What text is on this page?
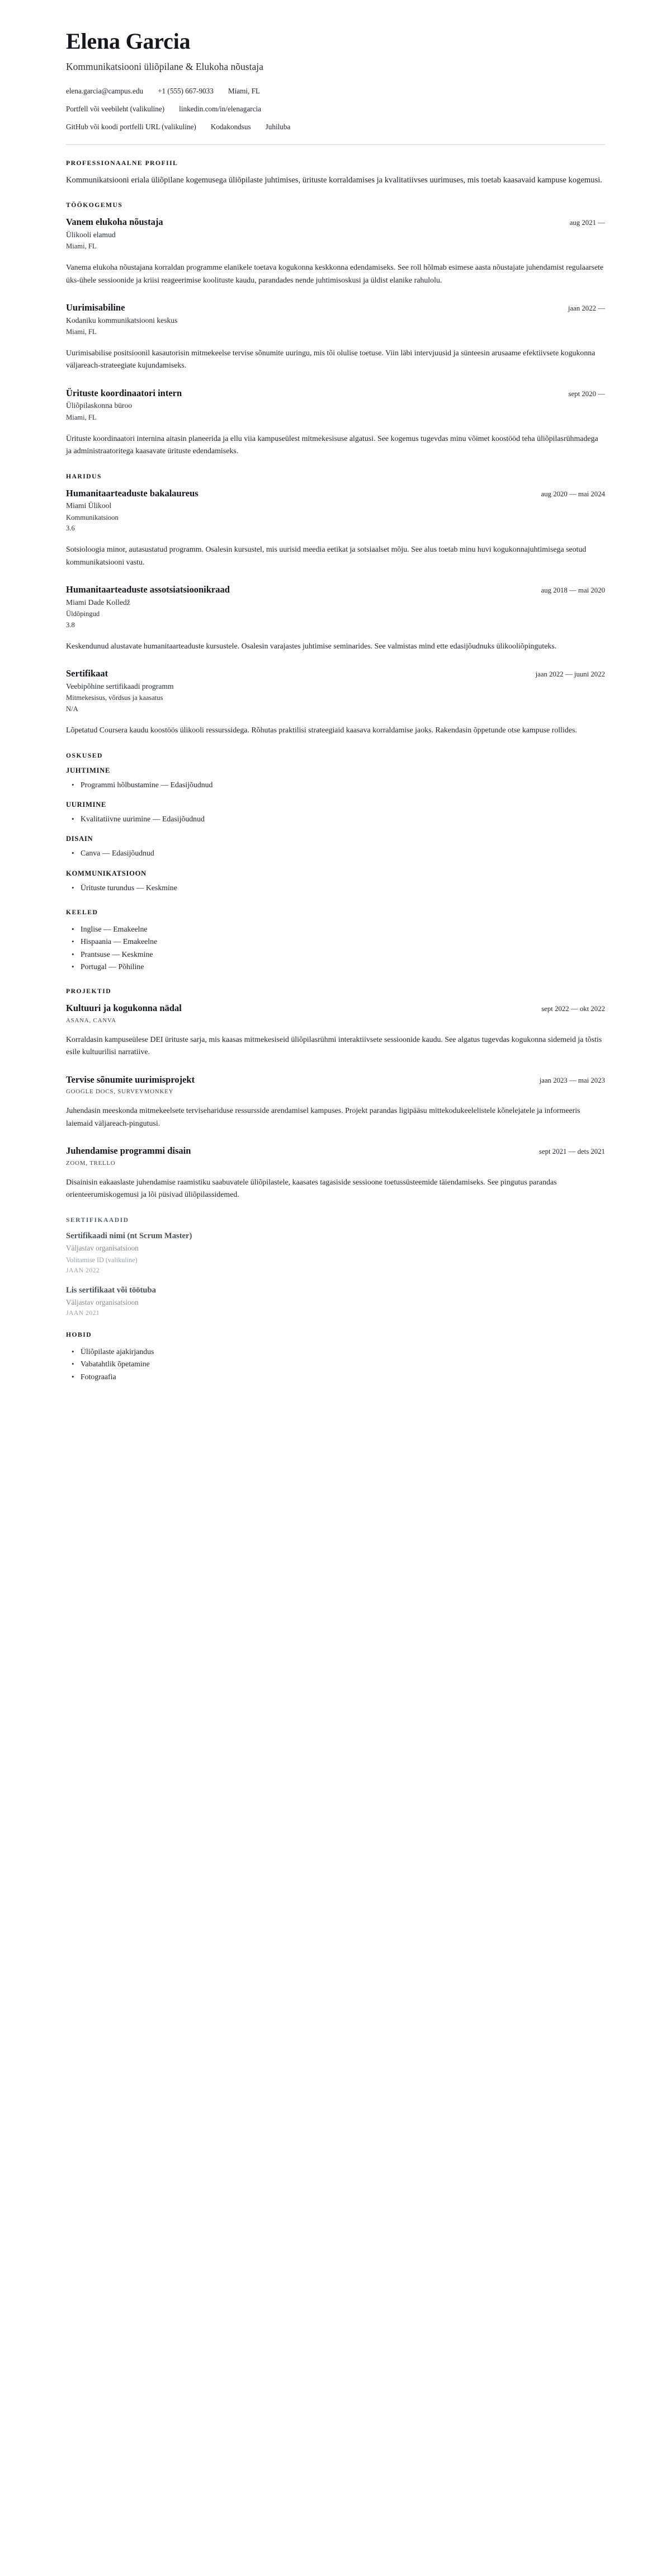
Elena Garcia
Kommunikatsiooni üliõpilane & Elukoha nõustaja
elena.garcia@campus.edu +1 (555) 667-9033 Miami, FL
Portfell või veebileht (valikuline) linkedin.com/in/elenagarcia
GitHub või koodi portfelli URL (valikuline) Kodakondsus Juhiluba
PROFESSIONAALNE PROFIIL

Kommunikatsiooni eriala üliõpilane kogemusega üliõpilaste juhtimises, ürituste korraldamises ja kvalitatiivses uurimuses, mis toetab kaasavaid kampuse kogemusi.

TÖÖKOGEMUS
Vanem elukoha nõustaja	aug 2021 —
Ülikooli elamud
Miami, FL

Vanema elukoha nõustajana korraldan programme elanikele toetava kogukonna keskkonna edendamiseks. See roll hõlmab esimese aasta nõustajate juhendamist regulaarsete üks-ühele sessioonide ja kriisi reageerimise koolituste kaudu, parandades nende juhtimisoskusi ja üldist elanike rahulolu.

Uurimisabiline	jaan 2022 —
Kodaniku kommunikatsiooni keskus
Miami, FL

Uurimisabilise positsioonil kasautorisin mitmekeelse tervise sõnumite uuringu, mis tõi olulise toetuse. Viin läbi intervjuusid ja sünteesin arusaame efektiivsete kogukonna väljareach-strateegiate kujundamiseks.

Ürituste koordinaatori intern	sept 2020 —
Üliõpilaskonna büroo
Miami, FL

Ürituste koordinaatori internina aitasin planeerida ja ellu viia kampuseülest mitmekesisuse algatusi. See kogemus tugevdas minu võimet koostööd teha üliõpilasrühmadega ja administraatoritega kaasavate ürituste edendamiseks.

HARIDUS
Humanitaarteaduste bakalaureus	aug 2020 — mai 2024
Miami Ülikool
Kommunikatsioon
3.6

Sotsioloogia minor, autasustatud programm. Osalesin kursustel, mis uurisid meedia eetikat ja sotsiaalset mõju. See alus toetab minu huvi kogukonnajuhtimisega seotud kommunikatsiooni vastu.

Humanitaarteaduste assotsiatsioonikraad	aug 2018 — mai 2020
Miami Dade Kolledž
Üldõpingud
3.8

Keskendunud alustavate humanitaarteaduste kursustele. Osalesin varajastes juhtimise seminarides. See valmistas mind ette edasijõudnuks ülikooliõpinguteks.

Sertifikaat	jaan 2022 — juuni 2022
Veebipõhine sertifikaadi programm
Mitmekesisus, võrdsus ja kaasatus
N/A

Lõpetatud Coursera kaudu koostöös ülikooli ressurssidega. Rõhutas praktilisi strateegiaid kaasava korraldamise jaoks. Rakendasin õppetunde otse kampuse rollides.

OSKUSED
JUHTIMINE
• Programmi hõlbustamine — Edasijõudnud
UURIMINE
• Kvalitatiivne uurimine — Edasijõudnud
DISAIN
• Canva — Edasijõudnud
KOMMUNIKATSIOON
• Ürituste turundus — Keskmine
KEELED
• Inglise — Emakeelne
• Hispaania — Emakeelne
• Prantsuse — Keskmine
• Portugal — Põhiline
PROJEKTID
Kultuuri ja kogukonna nädal	sept 2022 — okt 2022
ASANA, CANVA

Korraldasin kampuseülese DEI ürituste sarja, mis kaasas mitmekesiseid üliõpilasrühmi interaktiivsete sessioonide kaudu. See algatus tugevdas kogukonna sidemeid ja tõstis esile kultuurilisi narratiive.

Tervise sõnumite uurimisprojekt	jaan 2023 — mai 2023
GOOGLE DOCS, SURVEYMONKEY

Juhendasin meeskonda mitmekeelsete tervisehariduse ressursside arendamisel kampuses. Projekt parandas ligipääsu mittekodukeelelistele kõnelejatele ja informeeris laiemaid väljareach-pingutusi.

Juhendamise programmi disain	sept 2021 — dets 2021
ZOOM, TRELLO

Disainisin eakaaslaste juhendamise raamistiku saabuvatele üliõpilastele, kaasates tagasiside sessioone toetussüsteemide täiendamiseks. See pingutus parandas orienteerumiskogemusi ja lõi püsivad üliõpilassidemed.

SERTIFIKAADID
Sertifikaadi nimi (nt Scrum Master)
Väljastav organisatsioon
Volitamise ID (valikuline)
JAAN 2022
Lis sertifikaat või töötuba
Väljastav organisatsioon
JAAN 2021
HOBID
• Üliõpilaste ajakirjandus
• Vabatahtlik õpetamine
• Fotograafia
